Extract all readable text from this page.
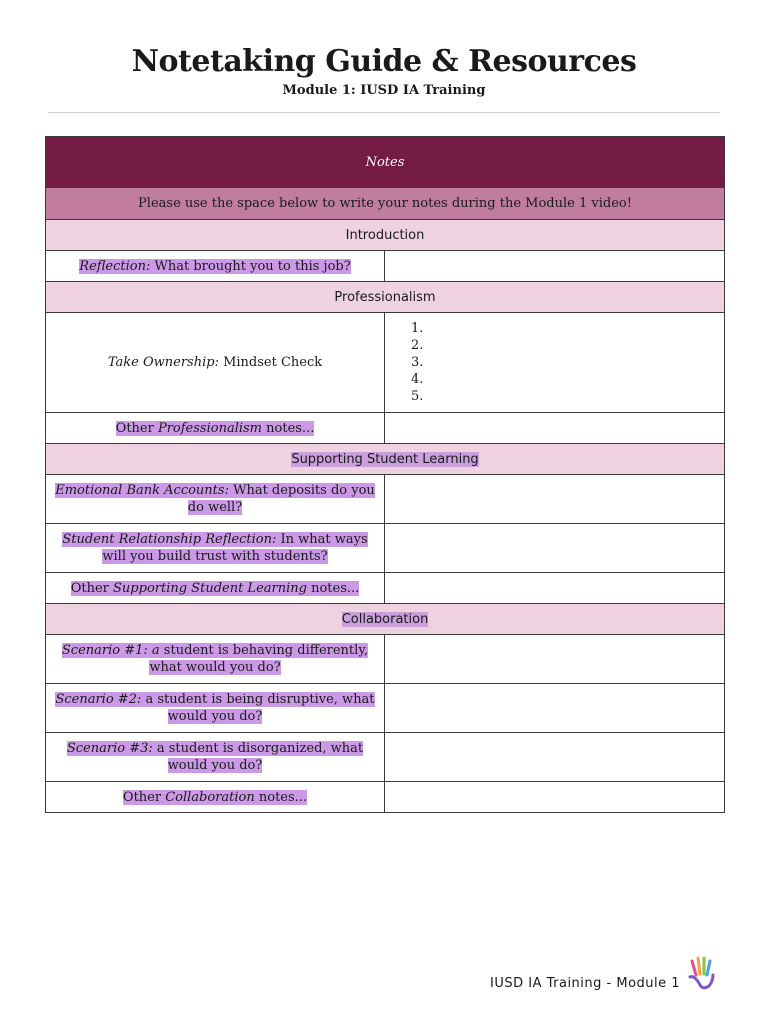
Notetaking Guide & Resources
Module 1: IUSD IA Training
Notes	
Please use the space below to write your notes during the Module 1 video!	
Introduction	
Reflection: What brought you to this job?	
Professionalism	
Take Ownership: Mindset Check	1.
2.
3.
4.
5.

Other Professionalism notes...	
Supporting Student Learning	
Emotional Bank Accounts: What deposits do you do well?	
Student Relationship Reflection: In what ways will you build trust with students?	
Other Supporting Student Learning notes...	
Collaboration	
Scenario #1: a student is behaving differently, what would you do?	
Scenario #2: a student is being disruptive, what would you do?	
Scenario #3: a student is disorganized, what would you do?	
Other Collaboration notes...	
IUSD IA Training - Module 1
